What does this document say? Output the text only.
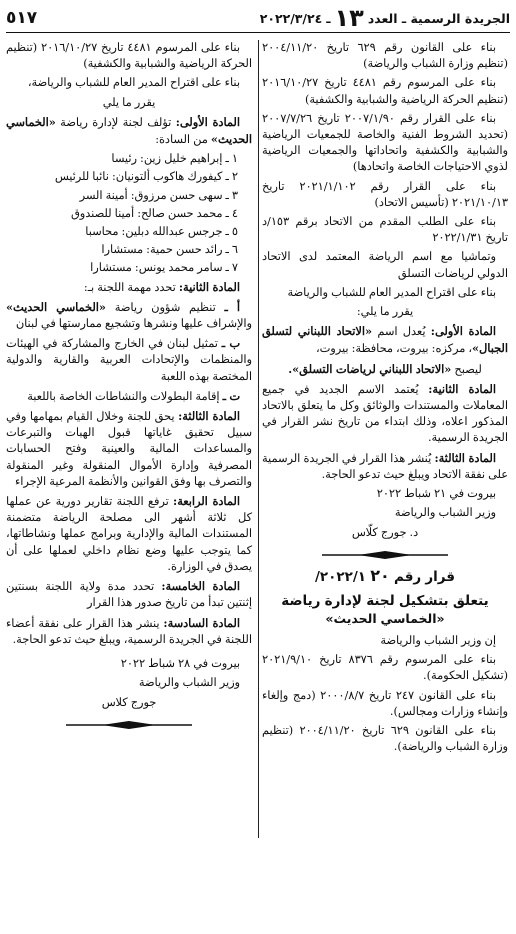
الجريدة الرسمية ـ العدد
١٣
ـ
٢٠٢٢/٣/٢٤
٥١٧

بناء على القانون رقم ٦٢٩ تاريخ ٢٠٠٤/١١/٢٠ (تنظيم وزارة الشباب والرياضة)

بناء على المرسوم رقم ٤٤٨١ تاريخ ٢٠١٦/١٠/٢٧ (تنظيم الحركة الرياضية والشبابية والكشفية)

بناء على القرار رقم ٢٠٠٧/١/٩٠ تاريخ ٢٠٠٧/٧/٢٦ (تحديد الشروط الفنية والخاصة للجمعيات الرياضية والشبابية والكشفية واتحاداتها والجمعيات الرياضية لذوي الاحتياجات الخاصة واتحادها)

بناء على القرار رقم ٢٠٢١/١/١٠٢ تاريخ ٢٠٢١/١٠/١٣ (تأسيس الاتحاد)

بناء على الطلب المقدم من الاتحاد برقم ١٥٣/د تاريخ ٢٠٢٢/١/٣١

وتماشيا مع اسم الرياضة المعتمد لدى الاتحاد الدولي لرياضات التسلق

بناء على اقتراح المدير العام للشباب والرياضة

يقرر ما يلي:

المادة الأولى: يُعدل اسم «الاتحاد اللبناني لتسلق الجبال»، مركزه: بيروت، محافظة: بيروت،

ليصبح «الاتحاد اللبناني لرياضات التسلق».

المادة الثانية: يُعتمد الاسم الجديد في جميع المعاملات والمستندات والوثائق وكل ما يتعلق بالاتحاد المذكور اعلاه، وذلك ابتداء من تاريخ نشر القرار في الجريدة الرسمية.

المادة الثالثة: يُنشر هذا القرار في الجريدة الرسمية على نفقة الاتحاد ويبلغ حيث تدعو الحاجة.

بيروت في ٢١ شباط ٢٠٢٢

وزير الشباب والرياضة

د. جورج كلّاس

قرار رقم ٢٠ ٢٠٢٢/١/

يتعلق بتشكيل لجنة لإدارة رياضة

«الخماسي الحديث»

إن وزير الشباب والرياضة

بناء على المرسوم رقم ٨٣٧٦ تاريخ ٢٠٢١/٩/١٠ (تشكيل الحكومة).

بناء على القانون ٢٤٧ تاريخ ٢٠٠٠/٨/٧ (دمج وإلغاء وإنشاء وزارات ومجالس).

بناء على القانون ٦٢٩ تاريخ ٢٠٠٤/١١/٢٠ (تنظيم وزارة الشباب والرياضة).

بناء على المرسوم ٤٤٨١ تاريخ ٢٠١٦/١٠/٢٧ (تنظيم الحركة الرياضية والشبابية والكشفية)

بناء على اقتراح المدير العام للشباب والرياضة،

يقرر ما يلي

المادة الأولى: تؤلف لجنة لإدارة رياضة «الخماسي الحديث» من السادة:

١ ـ إبراهيم خليل زين: رئيسا

٢ ـ كيفورك هاكوب ألتونيان: نائبا للرئيس

٣ ـ سهى حسن مرزوق: أمينة السر

٤ ـ محمد حسن صالح: أمينا للصندوق

٥ ـ جرجس عبدالله دبلين: محاسبا

٦ ـ رائد حسن حمية: مستشارا

٧ ـ سامر محمد يونس: مستشارا

المادة الثانية: تحدد مهمة اللجنة بـ:

أ ـ تنظيم شؤون رياضة «الخماسي الحديث» والإشراف عليها ونشرها وتشجيع ممارستها في لبنان

ب ـ تمثيل لبنان في الخارج والمشاركة في الهيئات والمنظمات والإتحادات العربية والقارية والدولية المختصة بهذه اللعبة

ت ـ إقامة البطولات والنشاطات الخاصة باللعبة

المادة الثالثة: يحق للجنة وخلال القيام بمهامها وفي سبيل تحقيق غاياتها قبول الهبات والتبرعات والمساعدات المالية والعينية وفتح الحسابات المصرفية وإدارة الأموال المنقولة وغير المنقولة والتصرف بها وفق القوانين والأنظمة المرعية الإجراء

المادة الرابعة: ترفع اللجنة تقارير دورية عن عملها كل ثلاثة أشهر الى مصلحة الرياضة متضمنة المستندات المالية والإدارية وبرامج عملها ونشاطاتها، كما يتوجب عليها وضع نظام داخلي لعملها على أن يصدق في الوزارة.

المادة الخامسة: تحدد مدة ولاية اللجنة بسنتين إثنتين تبدأ من تاريخ صدور هذا القرار

المادة السادسة: ينشر هذا القرار على نفقة أعضاء اللجنة في الجريدة الرسمية، ويبلغ حيث تدعو الحاجة.

بيروت في ٢٨ شباط ٢٠٢٢

وزير الشباب والرياضة

جورج كلاس
